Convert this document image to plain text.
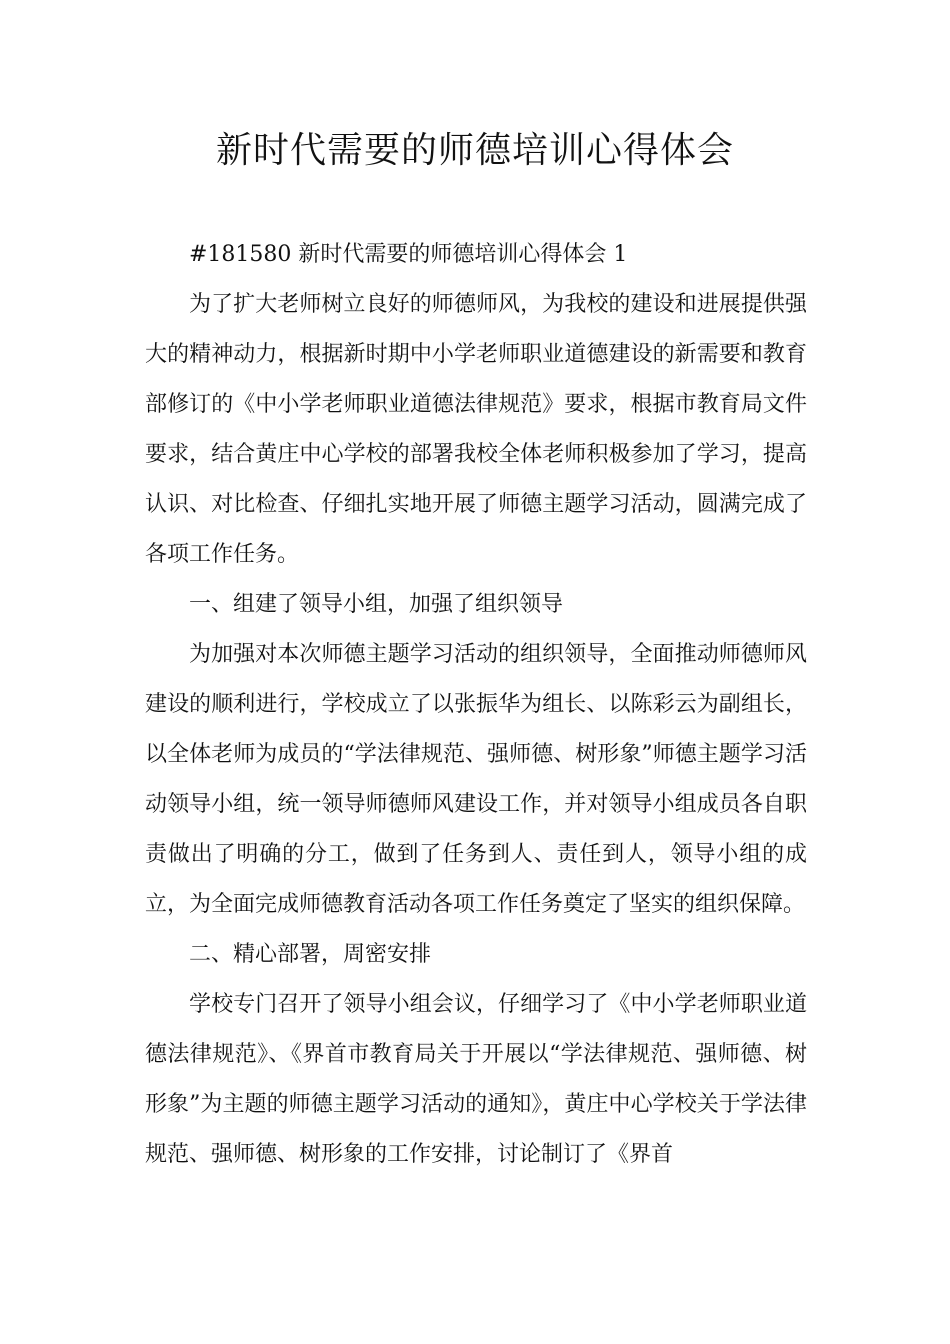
新时代需要的师德培训心得体会

#181580 新时代需要的师德培训心得体会 1

为了扩大老师树立良好的师德师风，为我校的建设和进展提供强大的精神动力，根据新时期中小学老师职业道德建设的新需要和教育部修订的《中小学老师职业道德法律规范》要求，根据市教育局文件要求，结合黄庄中心学校的部署我校全体老师积极参加了学习，提高认识、对比检查、仔细扎实地开展了师德主题学习活动，圆满完成了各项工作任务。

一、组建了领导小组，加强了组织领导

为加强对本次师德主题学习活动的组织领导，全面推动师德师风建设的顺利进行，学校成立了以张振华为组长、以陈彩云为副组长，以全体老师为成员的“学法律规范、强师德、树形象”师德主题学习活动领导小组，统一领导师德师风建设工作，并对领导小组成员各自职责做出了明确的分工，做到了任务到人、责任到人，领导小组的成立，为全面完成师德教育活动各项工作任务奠定了坚实的组织保障。

二、精心部署，周密安排

学校专门召开了领导小组会议，仔细学习了《中小学老师职业道德法律规范》、《界首市教育局关于开展以“学法律规范、强师德、树形象”为主题的师德主题学习活动的通知》，黄庄中心学校关于学法律规范、强师德、树形象的工作安排，讨论制订了《界首
